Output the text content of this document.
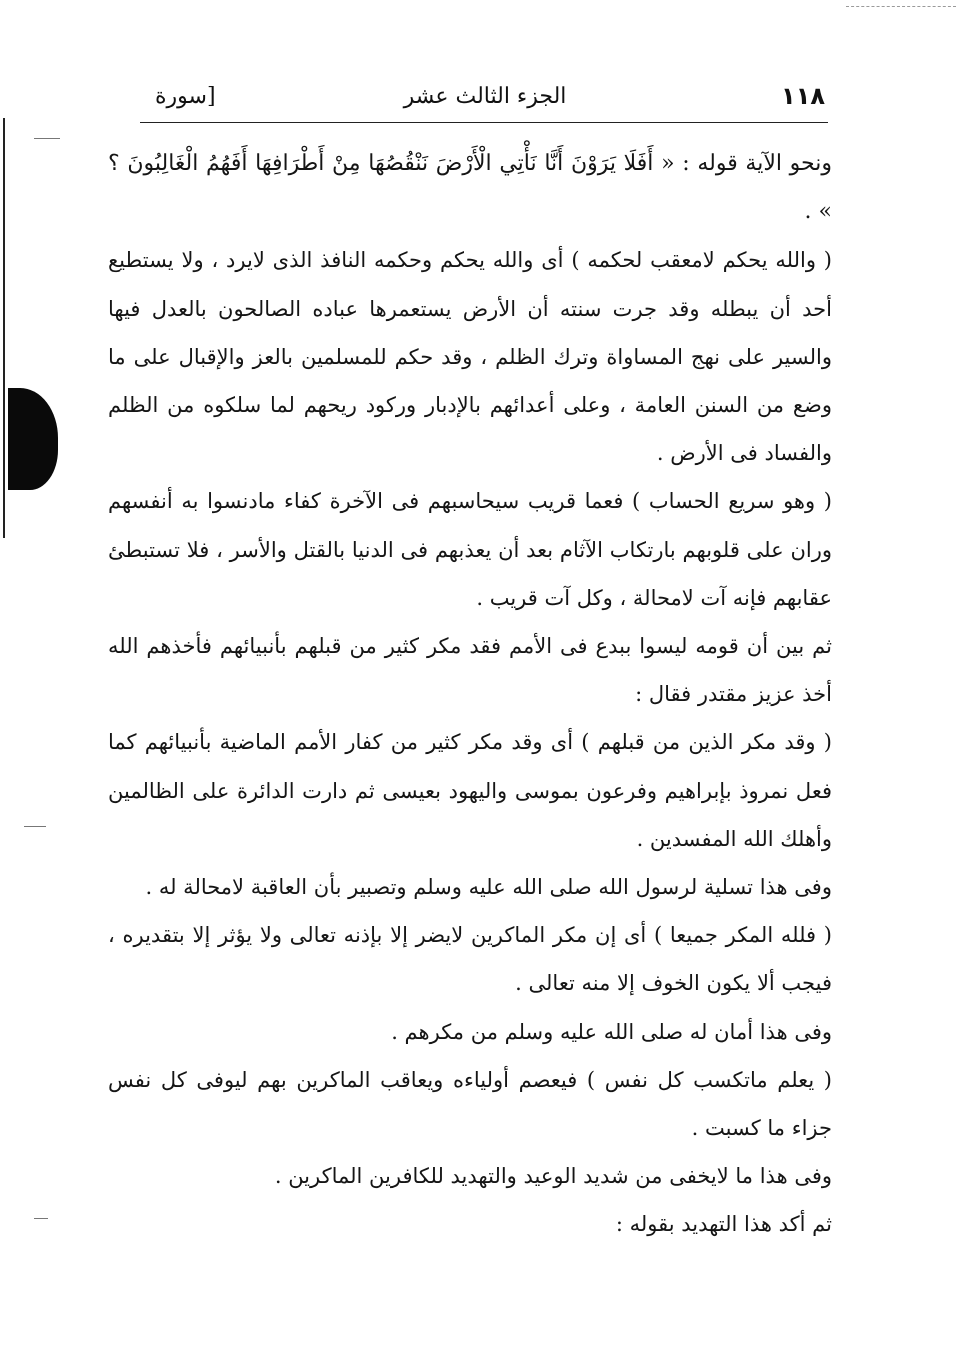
١١٨
الجزء الثالث عشر
[سورة

ونحو الآية قوله : « أَفَلَا يَرَوْنَ أَنَّا نَأْتِي الْأَرْضَ نَنْقُصُهَا مِنْ أَطْرَافِهَا أَفَهُمُ الْغَالِبُونَ ؟ » .

( والله يحكم لامعقب لحكمه ) أى والله يحكم وحكمه النافذ الذى لايرد ، ولا يستطيع أحد أن يبطله وقد جرت سنته أن الأرض يستعمرها عباده الصالحون بالعدل فيها والسير على نهج المساواة وترك الظلم ، وقد حكم للمسلمين بالعز والإقبال على ما وضع من السنن العامة ، وعلى أعدائهم بالإدبار وركود ريحهم لما سلكوه من الظلم والفساد فى الأرض .

( وهو سريع الحساب ) فعما قريب سيحاسبهم فى الآخرة كفاء مادنسوا به أنفسهم وران على قلوبهم بارتكاب الآثام بعد أن يعذبهم فى الدنيا بالقتل والأسر ، فلا تستبطئ عقابهم فإنه آت لامحالة ، وكل آت قريب .

ثم بين أن قومه ليسوا ببدع فى الأمم فقد مكر كثير من قبلهم بأنبيائهم فأخذهم الله أخذ عزيز مقتدر فقال :

( وقد مكر الذين من قبلهم ) أى وقد مكر كثير من كفار الأمم الماضية بأنبيائهم كما فعل نمروذ بإبراهيم وفرعون بموسى واليهود بعيسى ثم دارت الدائرة على الظالمين وأهلك الله المفسدين .

وفى هذا تسلية لرسول الله صلى الله عليه وسلم وتصبير بأن العاقبة لامحالة له .

( فلله المكر جميعا ) أى إن مكر الماكرين لايضر إلا بإذنه تعالى ولا يؤثر إلا بتقديره ، فيجب ألا يكون الخوف إلا منه تعالى .

وفى هذا أمان له صلى الله عليه وسلم من مكرهم .

( يعلم ماتكسب كل نفس ) فيعصم أولياءه ويعاقب الماكرين بهم ليوفى كل نفس جزاء ما كسبت .

وفى هذا ما لايخفى من شديد الوعيد والتهديد للكافرين الماكرين .

ثم أكد هذا التهديد بقوله :
